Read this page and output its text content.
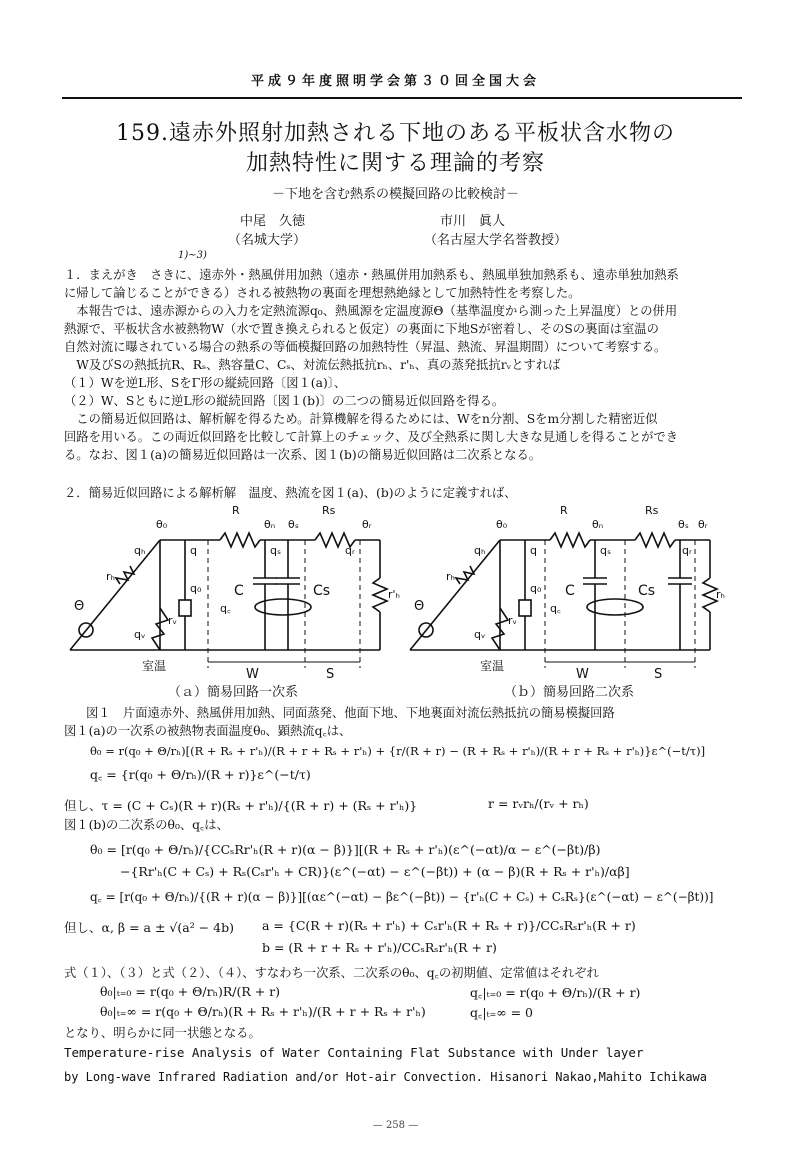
平成９年度照明学会第３０回全国大会
159.遠赤外照射加熱される下地のある平板状含水物の
加熱特性に関する理論的考察
－下地を含む熱系の模擬回路の比較検討－
中尾　久徳
（名城大学）
市川　眞人
（名古屋大学名誉教授）
1)~3)
１．まえがき　さきに、遠赤外・熱風併用加熱（遠赤・熱風併用加熱系も、熱風単独加熱系も、遠赤単独加熱系
に帰して論じることができる）される被熱物の裏面を理想熱絶縁として加熱特性を考察した。
　本報告では、遠赤源からの入力を定熱流源q₀、熱風源を定温度源Θ（基準温度から測った上昇温度）との併用
熱源で、平板状含水被熱物W（水で置き換えられると仮定）の裏面に下地Sが密着し、そのSの裏面は室温の
自然対流に曝されている場合の熱系の等価模擬回路の加熱特性（昇温、熱流、昇温期間）について考察する。
　W及びSの熱抵抗R、Rₛ、熱容量C、Cₛ、対流伝熱抵抗rₕ、r'ₕ、真の蒸発抵抗rᵥとすれば
（１）Wを逆L形、SをΓ形の縦続回路〔図１(a)〕、
（２）W、Sともに逆L形の縦続回路〔図１(b)〕の二つの簡易近似回路を得る。
　この簡易近似回路は、解析解を得るため。計算機解を得るためには、Wをn分割、Sをm分割した精密近似
回路を用いる。この両近似回路を比較して計算上のチェック、及び全熱系に関し大きな見通しを得ることができ
る。なお、図１(a)の簡易近似回路は一次系、図１(b)の簡易近似回路は二次系となる。
２．簡易近似回路による解析解　温度、熱流を図１(a)、(b)のように定義すれば、
R	Rs
θ₀	θₙ θₛ	θᵣ
qₕ	q	qₛ	qᵣ
rₕ
q₀ C	Cs	r'ₕ
Θ	q꜀
rᵥ
qᵥ
室温
W	S
R	Rs
θ₀	θₙ	θₛ θᵣ
qₕ	q	qₛ	qᵣ
rₕ
q₀ C	Cs	rₕ
Θ	q꜀
rᵥ
qᵥ
室温
W	S
（ａ）簡易回路一次系	（ｂ）簡易回路二次系
図１　片面遠赤外、熱風併用加熱、同面蒸発、他面下地、下地裏面対流伝熱抵抗の簡易模擬回路
図１(a)の一次系の被熱物表面温度θ₀、顕熱流q꜀は、
θ₀ = r(q₀ + Θ/rₕ)[(R + Rₛ + r'ₕ)/(R + r + Rₛ + r'ₕ) + {r/(R + r) − (R + Rₛ + r'ₕ)/(R + r + Rₛ + r'ₕ)}ε^(−t/τ)]
q꜀ = {r(q₀ + Θ/rₕ)/(R + r)}ε^(−t/τ)
但し、τ = (C + Cₛ)(R + r)(Rₛ + r'ₕ)/{(R + r) + (Rₛ + r'ₕ)}	r = rᵥrₕ/(rᵥ + rₕ)
図１(b)の二次系のθ₀、q꜀は、
θ₀ = [r(q₀ + Θ/rₕ)/{CCₛRr'ₕ(R + r)(α − β)}][(R + Rₛ + r'ₕ)(ε^(−αt)/α − ε^(−βt)/β)
−{Rr'ₕ(C + Cₛ) + Rₛ(Cₛr'ₕ + CR)}(ε^(−αt) − ε^(−βt)) + (α − β)(R + Rₛ + r'ₕ)/αβ]
q꜀ = [r(q₀ + Θ/rₕ)/{(R + r)(α − β)}][(αε^(−αt) − βε^(−βt)) − {r'ₕ(C + Cₛ) + CₛRₛ}(ε^(−αt) − ε^(−βt))]
但し、α, β = a ± √(a² − 4b) a = {C(R + r)(Rₛ + r'ₕ) + Cₛr'ₕ(R + Rₛ + r)}/CCₛRₛr'ₕ(R + r)
b = (R + r + Rₛ + r'ₕ)/CCₛRₛr'ₕ(R + r)
式（１）、（３）と式（２）、（４）、すなわち一次系、二次系のθ₀、q꜀の初期値、定常値はそれぞれ
θ₀|ₜ₌₀ = r(q₀ + Θ/rₕ)R/(R + r)	q꜀|ₜ₌₀ = r(q₀ + Θ/rₕ)/(R + r)
θ₀|ₜ₌∞ = r(q₀ + Θ/rₕ)(R + Rₛ + r'ₕ)/(R + r + Rₛ + r'ₕ)	q꜀|ₜ₌∞ = 0
となり、明らかに同一状態となる。
Temperature-rise Analysis of Water Containing Flat Substance with Under layer
by Long-wave Infrared Radiation and/or Hot-air Convection. Hisanori Nakao,Mahito Ichikawa
— 258 —
